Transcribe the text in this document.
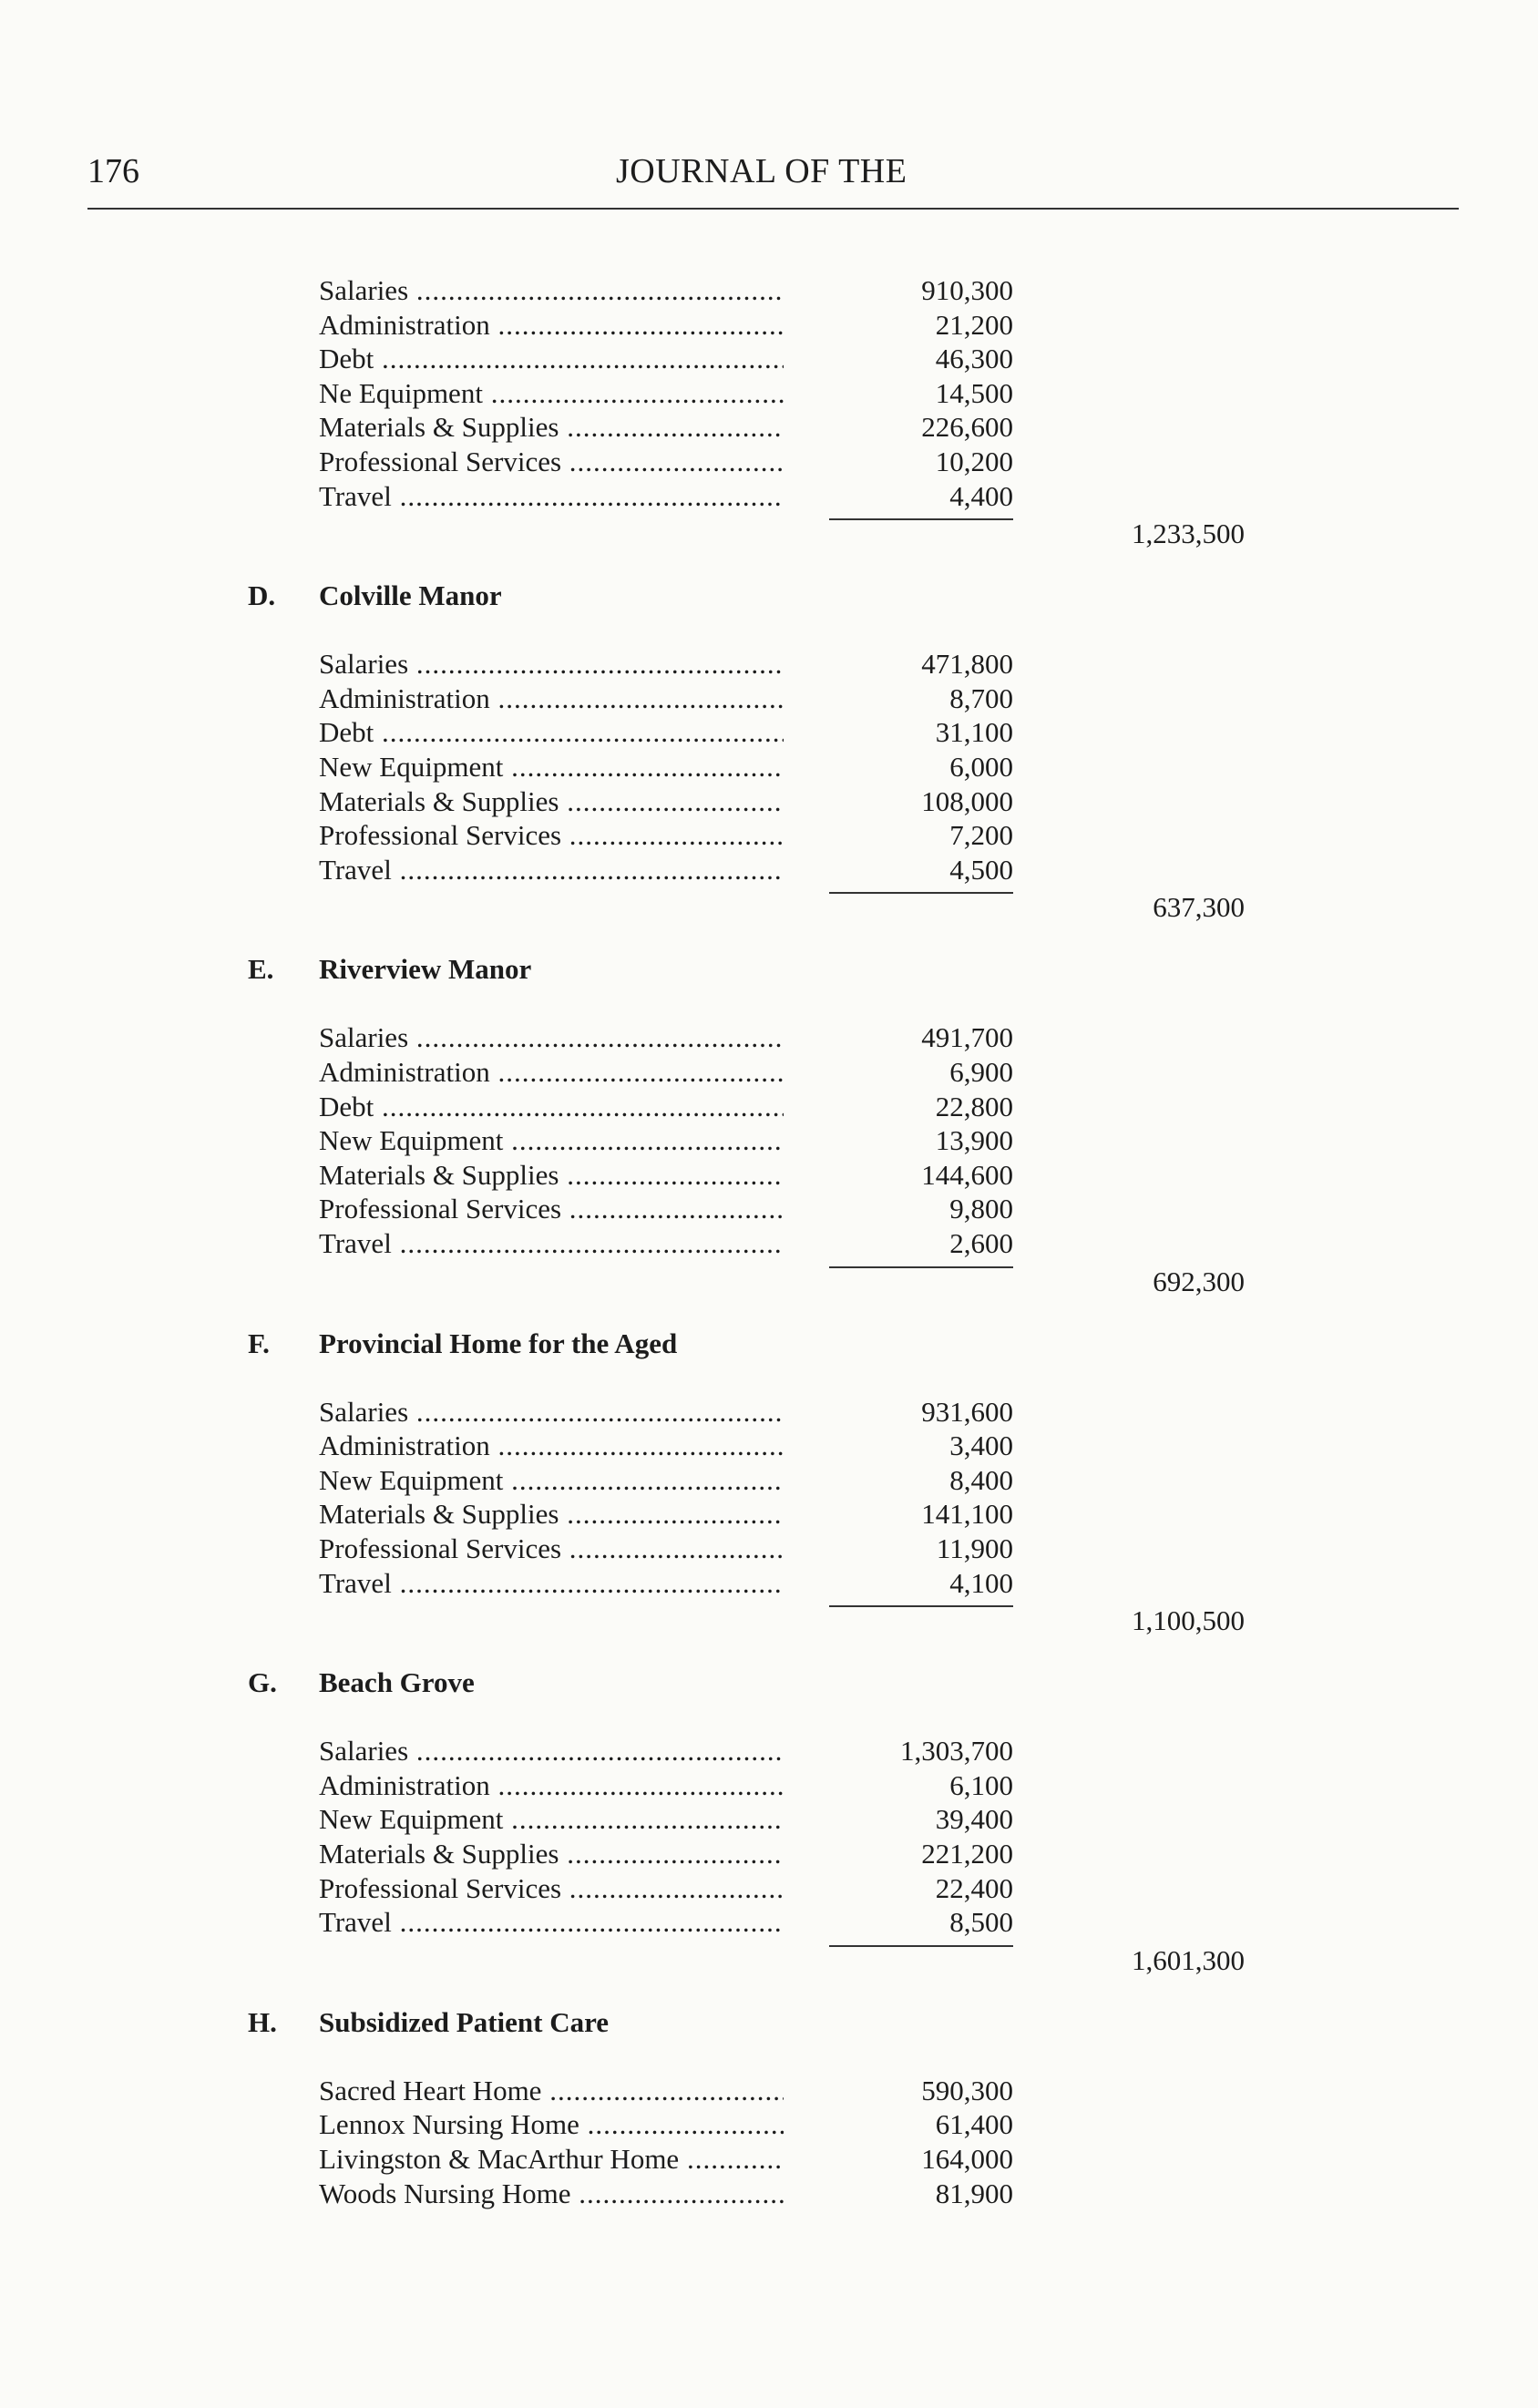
176	JOURNAL OF THE
Salaries .....	910,300
Administration .....	21,200
Debt .....	46,300
Ne Equipment .....	14,500
Materials & Supplies .....	226,600
Professional Services .....	10,200
Travel .....	4,400
1,233,500
D. Colville Manor
Salaries .....	471,800
Administration .....	8,700
Debt .....	31,100
New Equipment .....	6,000
Materials & Supplies .....	108,000
Professional Services .....	7,200
Travel .....	4,500
637,300
E. Riverview Manor
Salaries .....	491,700
Administration .....	6,900
Debt .....	22,800
New Equipment .....	13,900
Materials & Supplies .....	144,600
Professional Services .....	9,800
Travel .....	2,600
692,300
F. Provincial Home for the Aged
Salaries .....	931,600
Administration .....	3,400
New Equipment .....	8,400
Materials & Supplies .....	141,100
Professional Services .....	11,900
Travel .....	4,100
1,100,500
G. Beach Grove
Salaries .....	1,303,700
Administration .....	6,100
New Equipment .....	39,400
Materials & Supplies .....	221,200
Professional Services .....	22,400
Travel .....	8,500
1,601,300
H. Subsidized Patient Care
Sacred Heart Home .....	590,300
Lennox Nursing Home .....	61,400
Livingston & MacArthur Home .....	164,000
Woods Nursing Home .....	81,900
